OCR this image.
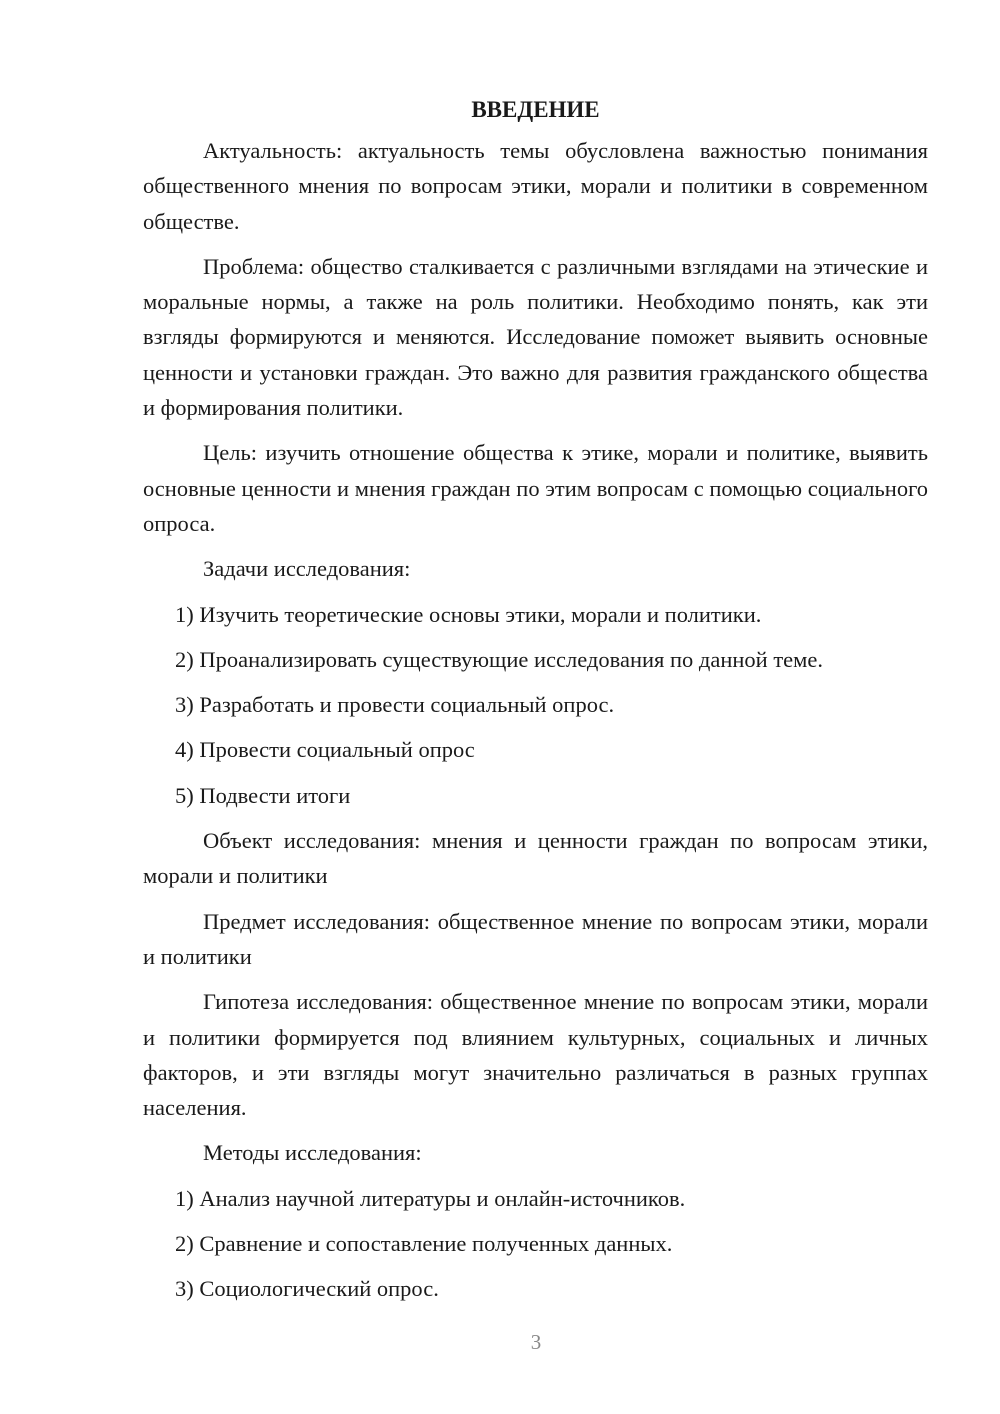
ВВЕДЕНИЕ

Актуальность: актуальность темы обусловлена важностью понимания общественного мнения по вопросам этики, морали и политики в современном обществе.

Проблема: общество сталкивается с различными взглядами на этические и моральные нормы, а также на роль политики. Необходимо понять, как эти взгляды формируются и меняются. Исследование поможет выявить основные ценности и установки граждан. Это важно для развития гражданского общества и формирования политики.

Цель: изучить отношение общества к этике, морали и политике, выявить основные ценности и мнения граждан по этим вопросам с помощью социального опроса.

Задачи исследования:
1) Изучить теоретические основы этики, морали и политики.
2) Проанализировать существующие исследования по данной теме.
3) Разработать и провести социальный опрос.
4) Провести социальный опрос
5) Подвести итоги

Объект исследования: мнения и ценности граждан по вопросам этики, морали и политики

Предмет исследования: общественное мнение по вопросам этики, морали и политики

Гипотеза исследования: общественное мнение по вопросам этики, морали и политики формируется под влиянием культурных, социальных и личных факторов, и эти взгляды могут значительно различаться в разных группах населения.

Методы исследования:
1) Анализ научной литературы и онлайн-источников.
2) Сравнение и сопоставление полученных данных.
3) Социологический опрос.
3
